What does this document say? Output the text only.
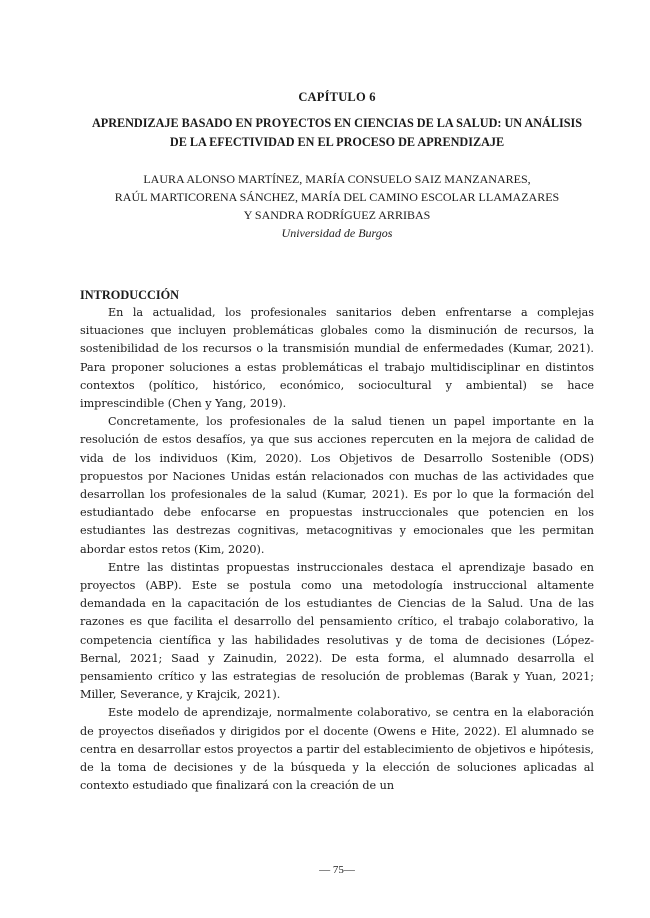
CAPÍTULO 6
APRENDIZAJE BASADO EN PROYECTOS EN CIENCIAS DE LA SALUD: UN ANÁLISIS
DE LA EFECTIVIDAD EN EL PROCESO DE APRENDIZAJE
LAURA ALONSO MARTÍNEZ, MARÍA CONSUELO SAIZ MANZANARES,
RAÚL MARTICORENA SÁNCHEZ, MARÍA DEL CAMINO ESCOLAR LLAMAZARES
Y SANDRA RODRÍGUEZ ARRIBAS
Universidad de Burgos
INTRODUCCIÓN

En la actualidad, los profesionales sanitarios deben enfrentarse a complejas situaciones que incluyen problemáticas globales como la disminución de recursos, la sostenibilidad de los recursos o la transmisión mundial de enfermedades (Kumar, 2021). Para proponer soluciones a estas problemáticas el trabajo multidisciplinar en distintos contextos (político, histórico, económico, sociocultural y ambiental) se hace imprescindible (Chen y Yang, 2019).

Concretamente, los profesionales de la salud tienen un papel importante en la resolución de estos desafíos, ya que sus acciones repercuten en la mejora de calidad de vida de los individuos (Kim, 2020). Los Objetivos de Desarrollo Sostenible (ODS) propuestos por Naciones Unidas están relacionados con muchas de las actividades que desarrollan los profesionales de la salud (Kumar, 2021). Es por lo que la formación del estudiantado debe enfocarse en propuestas instruccionales que potencien en los estudiantes las destrezas cognitivas, metacognitivas y emocionales que les permitan abordar estos retos (Kim, 2020).

Entre las distintas propuestas instruccionales destaca el aprendizaje basado en proyectos (ABP). Este se postula como una metodología instruccional altamente demandada en la capacitación de los estudiantes de Ciencias de la Salud. Una de las razones es que facilita el desarrollo del pensamiento crítico, el trabajo colaborativo, la competencia científica y las habilidades resolutivas y de toma de decisiones (López-Bernal, 2021; Saad y Zainudin, 2022). De esta forma, el alumnado desarrolla el pensamiento crítico y las estrategias de resolución de problemas (Barak y Yuan, 2021; Miller, Severance, y Krajcik, 2021).

Este modelo de aprendizaje, normalmente colaborativo, se centra en la elaboración de proyectos diseñados y dirigidos por el docente (Owens e Hite, 2022). El alumnado se centra en desarrollar estos proyectos a partir del establecimiento de objetivos e hipótesis, de la toma de decisiones y de la búsqueda y la elección de soluciones aplicadas al contexto estudiado que finalizará con la creación de un

— 75—
